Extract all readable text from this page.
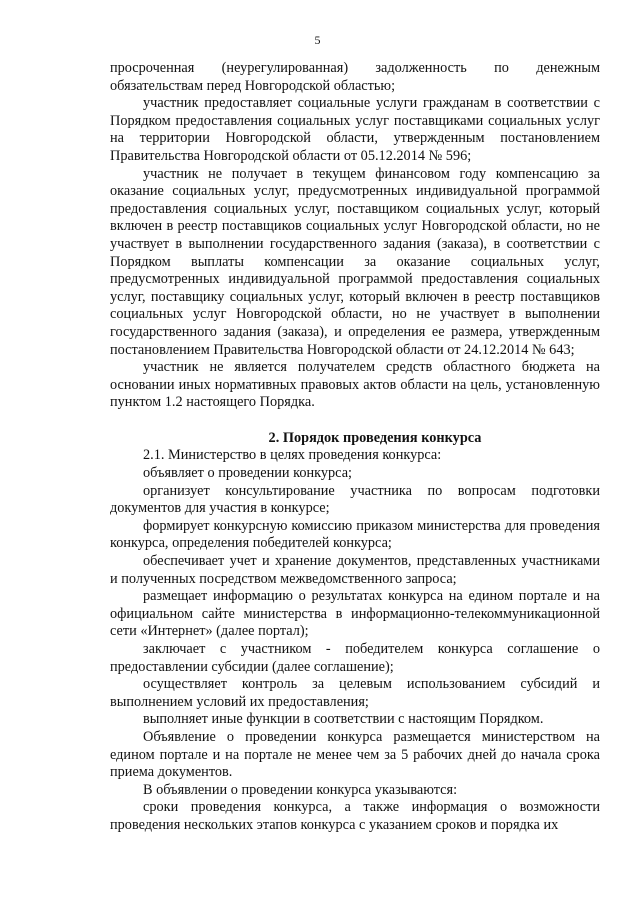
5

просроченная (неурегулированная) задолженность по денежным обязательствам перед Новгородской областью;

участник предоставляет социальные услуги гражданам в соответствии с Порядком предоставления социальных услуг поставщиками социальных услуг на территории Новгородской области, утвержденным постановлением Правительства Новгородской области от 05.12.2014 № 596;

участник не получает в текущем финансовом году компенсацию за оказание социальных услуг, предусмотренных индивидуальной программой предоставления социальных услуг, поставщиком социальных услуг, который включен в реестр поставщиков социальных услуг Новгородской области, но не участвует в выполнении государственного задания (заказа), в соответствии с Порядком выплаты компенсации за оказание социальных услуг, предусмотренных индивидуальной программой предоставления социальных услуг, поставщику социальных услуг, который включен в реестр поставщиков социальных услуг Новгородской области, но не участвует в выполнении государственного задания (заказа), и определения ее размера, утвержденным постановлением Правительства Новгородской области от 24.12.2014 № 643;

участник не является получателем средств областного бюджета на основании иных нормативных правовых актов области на цель, установленную пунктом 1.2 настоящего Порядка.

2. Порядок проведения конкурса

2.1. Министерство в целях проведения конкурса:

объявляет о проведении конкурса;

организует консультирование участника по вопросам подготовки документов для участия в конкурсе;

формирует конкурсную комиссию приказом министерства для проведения конкурса, определения победителей конкурса;

обеспечивает учет и хранение документов, представленных участниками и полученных посредством межведомственного запроса;

размещает информацию о результатах конкурса на едином портале и на официальном сайте министерства в информационно-телекоммуникационной сети «Интернет» (далее портал);

заключает с участником - победителем конкурса соглашение о предоставлении субсидии (далее соглашение);

осуществляет контроль за целевым использованием субсидий и выполнением условий их предоставления;

выполняет иные функции в соответствии с настоящим Порядком.

Объявление о проведении конкурса размещается министерством на едином портале и на портале не менее чем за 5 рабочих дней до начала срока приема документов.

В объявлении о проведении конкурса указываются:

сроки проведения конкурса, а также информация о возможности проведения нескольких этапов конкурса с указанием сроков и порядка их
